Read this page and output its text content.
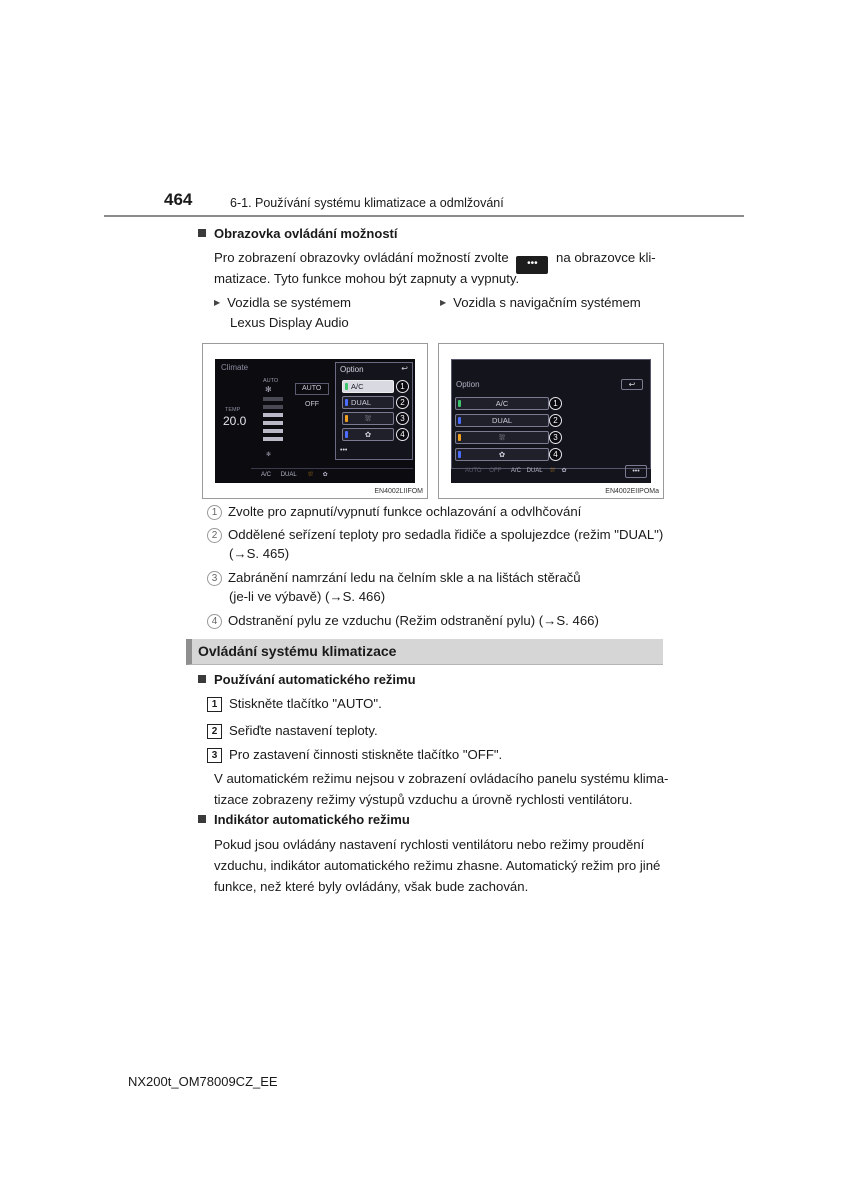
464	6-1. Používání systému klimatizace a odmlžování
Obrazovka ovládání možností
Pro zobrazení obrazovky ovládání možností zvolte ••• na obrazovce kli-
matizace. Tyto funkce mohou být zapnuty a vypnuty.
▶ Vozidla se systémem
Lexus Display Audio
▶ Vozidla s navigačním systémem
Climate
AUTO
✻
TEMP
20.0
✻
AUTO
OFF
Option	↩
A/C
DUAL
⛆
✿
1
2
3
4
•••
A/C DUAL ⛆ ✿
EN4002LIIFOM
Option	↩
A/C
DUAL
⛆
✿
1
2
3
4
AUTO OFF A/C DUAL ⛆ ✿	•••
EN4002EIIPOMa
1 Zvolte pro zapnutí/vypnutí funkce ochlazování a odvlhčování
2 Oddělené seřízení teploty pro sedadla řidiče a spolujezdce (režim "DUAL")
(→S. 465)
3 Zabránění namrzání ledu na čelním skle a na lištách stěračů
(je-li ve výbavě) (→S. 466)
4 Odstranění pylu ze vzduchu (Režim odstranění pylu) (→S. 466)
Ovládání systému klimatizace
Používání automatického režimu
1 Stiskněte tlačítko "AUTO".
2 Seřiďte nastavení teploty.
3 Pro zastavení činnosti stiskněte tlačítko "OFF".
V automatickém režimu nejsou v zobrazení ovládacího panelu systému klima-
tizace zobrazeny režimy výstupů vzduchu a úrovně rychlosti ventilátoru.
Indikátor automatického režimu
Pokud jsou ovládány nastavení rychlosti ventilátoru nebo režimy proudění
vzduchu, indikátor automatického režimu zhasne. Automatický režim pro jiné
funkce, než které byly ovládány, však bude zachován.
NX200t_OM78009CZ_EE
